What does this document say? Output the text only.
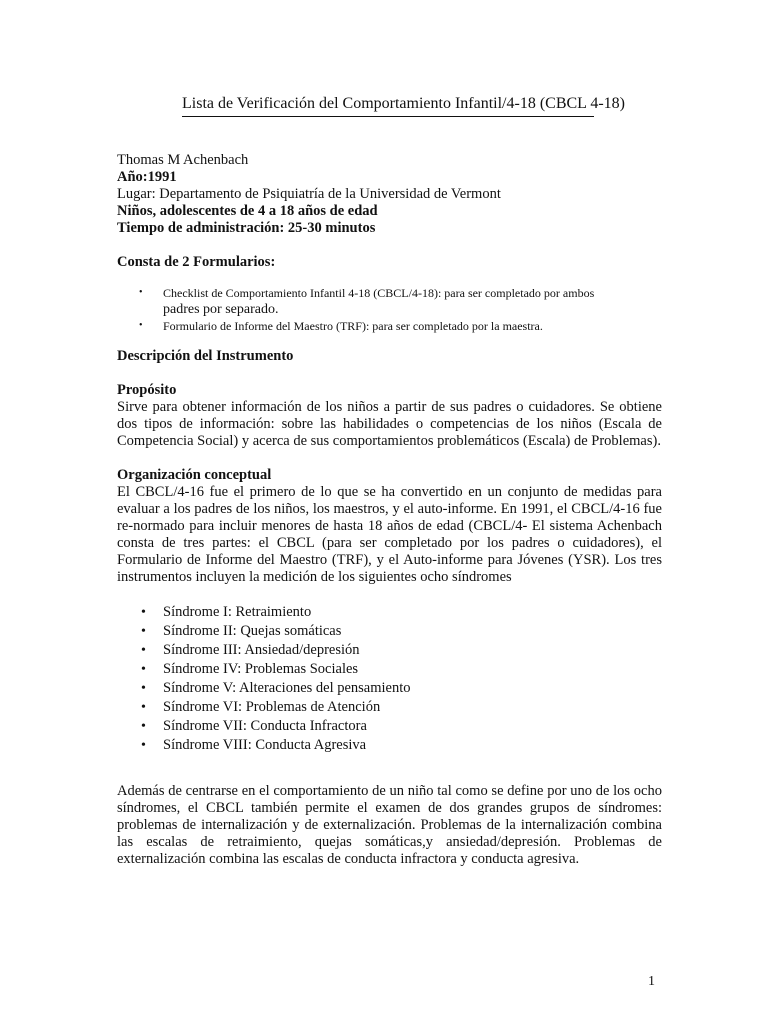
Lista de Verificación del Comportamiento Infantil/4-18 (CBCL 4-18)

Thomas M Achenbach

Año:1991

Lugar: Departamento de Psiquiatría de la Universidad de Vermont

Niños, adolescentes de 4 a 18 años de edad

Tiempo de administración: 25-30 minutos

Consta de 2 Formularios:

• Checklist de Comportamiento Infantil 4-18 (CBCL/4-18): para ser completado por ambos
padres por separado.
• Formulario de Informe del Maestro (TRF): para ser completado por la maestra.

Descripción del Instrumento

Propósito

Sirve para obtener información de los niños a partir de sus padres o cuidadores. Se obtiene dos tipos de información: sobre las habilidades o competencias de los niños (Escala de Competencia Social) y acerca de sus comportamientos problemáticos (Escala) de Problemas).

Organización conceptual

El CBCL/4-16 fue el primero de lo que se ha convertido en un conjunto de medidas para evaluar a los padres de los niños, los maestros, y el auto-informe. En 1991, el CBCL/4-16 fue re-normado para incluir menores de hasta 18 años de edad (CBCL/4- El sistema Achenbach consta de tres partes: el CBCL (para ser completado por los padres o cuidadores), el Formulario de Informe del Maestro (TRF), y el Auto-informe para Jóvenes (YSR). Los tres instrumentos incluyen la medición de los siguientes ocho síndromes

• Síndrome I: Retraimiento
• Síndrome II: Quejas somáticas
• Síndrome III: Ansiedad/depresión
• Síndrome IV: Problemas Sociales
• Síndrome V: Alteraciones del pensamiento
• Síndrome VI: Problemas de Atención
• Síndrome VII: Conducta Infractora
• Síndrome VIII: Conducta Agresiva

Además de centrarse en el comportamiento de un niño tal como se define por uno de los ocho síndromes, el CBCL también permite el examen de dos grandes grupos de síndromes: problemas de internalización y de externalización. Problemas de la internalización combina las escalas de retraimiento, quejas somáticas,y ansiedad/depresión. Problemas de externalización combina las escalas de conducta infractora y conducta agresiva.

1
